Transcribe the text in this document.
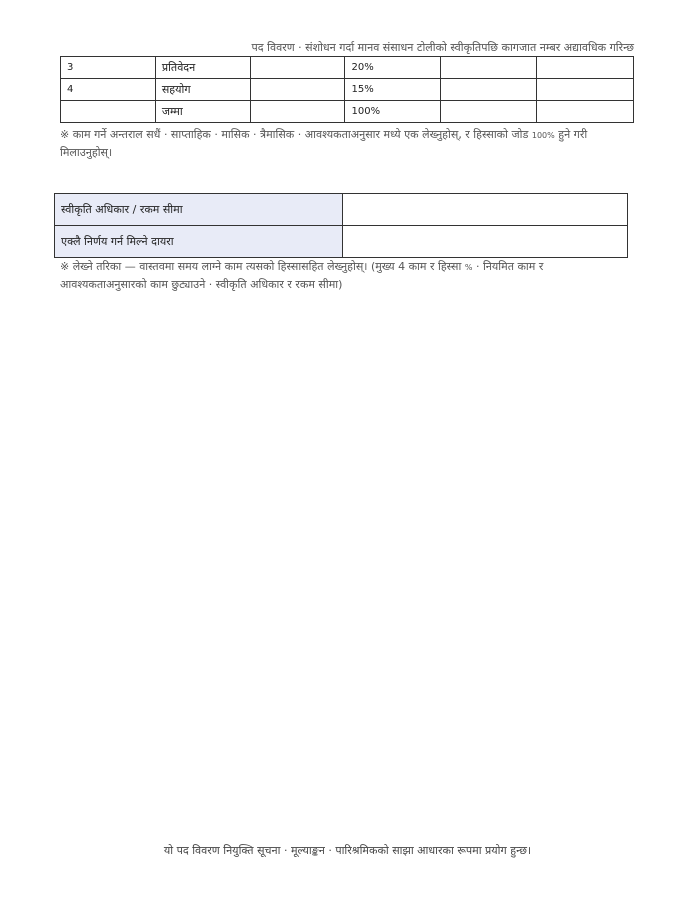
पद विवरण · संशोधन गर्दा मानव संसाधन टोलीको स्वीकृतिपछि कागजात नम्बर अद्यावधिक गरिन्छ
3	प्रतिवेदन		20%		
4	सहयोग		15%		
	जम्मा		100%		
※ काम गर्ने अन्तराल सधैं · साप्ताहिक · मासिक · त्रैमासिक · आवश्यकताअनुसार मध्ये एक लेख्नुहोस्, र हिस्साको जोड 100% हुने गरी मिलाउनुहोस्।
स्वीकृति अधिकार / रकम सीमा	
एक्लै निर्णय गर्न मिल्ने दायरा	
※ लेख्ने तरिका — वास्तवमा समय लाग्ने काम त्यसको हिस्सासहित लेख्नुहोस्। (मुख्य 4 काम र हिस्सा % · नियमित काम र आवश्यकताअनुसारको काम छुट्याउने · स्वीकृति अधिकार र रकम सीमा)
यो पद विवरण नियुक्ति सूचना · मूल्याङ्कन · पारिश्रमिकको साझा आधारका रूपमा प्रयोग हुन्छ।
